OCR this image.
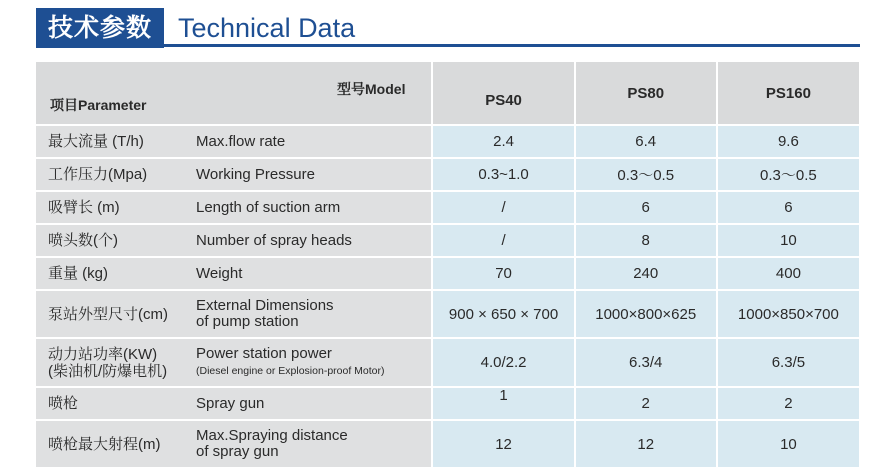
技术参数 Technical Data
型号Model
项目Parameter	PS40	PS80	PS160

最大流量 (T/h) Max.flow rate	2.4	6.4	9.6

工作压力(Mpa) Working Pressure	0.3~1.0	0.3～0.5	0.3～0.5

吸臂长 (m) Length of suction arm	/	6	6

喷头数(个) Number of spray heads	/	8	10

重量 (kg) Weight	70	240	400

泵站外型尺寸(cm) External Dimensions
of pump station	900 × 650 × 700	1000×800×625	1000×850×700

动力站功率(KW)
(柴油机/防爆电机)
Power station power
(Diesel engine or Explosion-proof Motor)	4.0/2.2	6.3/4	6.3/5

喷枪 Spray gun	1	2	2

喷枪最大射程(m) Max.Spraying distance
of spray gun	12	12	10
